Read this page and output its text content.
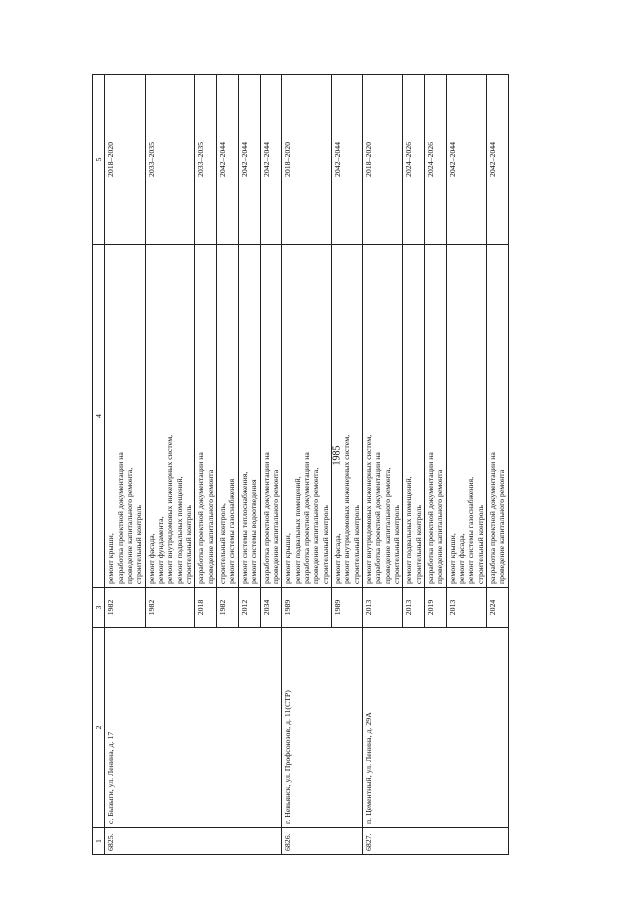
1985
1	2	3	4	5
6825.	с. Бызыги, ул. Ленина, д. 17	1982	ремонт крыши, разработка проектной документации на проведение капитального ремонта, строительный контроль	2018–2020
		1982	ремонт фасада, ремонт фундамента, ремонт внутридомовых инженерных систем, ремонт подвальных помещений, строительный контроль	2033–2035
		2018	разработка проектной документации на проведение капитального ремонта	2033–2035
		1982	строительный контроль, ремонт системы газоснабжения	2042–2044
		2012	ремонт системы теплоснабжения, ремонт системы водоотведения	2042–2044
		2034	разработка проектной документации на проведение капитального ремонта	2042–2044
6826.	г. Невьянск, ул. Профсоюзов, д. 11(СТР)	1989	ремонт крыши, ремонт подвальных помещений, разработка проектной документации на проведение капитального ремонта, строительный контроль	2018–2020
		1989	ремонт фасада, ремонт внутридомовых инженерных систем, строительный контроль	2042–2044
6827.	п. Цементный, ул. Ленина, д. 29А	2013	ремонт внутридомовых инженерных систем, разработка проектной документации на проведение капитального ремонта, строительный контроль	2018–2020
		2013	ремонт подвальных помещений, строительный контроль	2024–2026
		2019	разработка проектной документации на проведение капитального ремонта	2024–2026
		2013	ремонт крыши, ремонт фасада, ремонт системы газоснабжения, строительный контроль	2042–2044
		2024	разработка проектной документации на проведение капитального ремонта	2042–2044
